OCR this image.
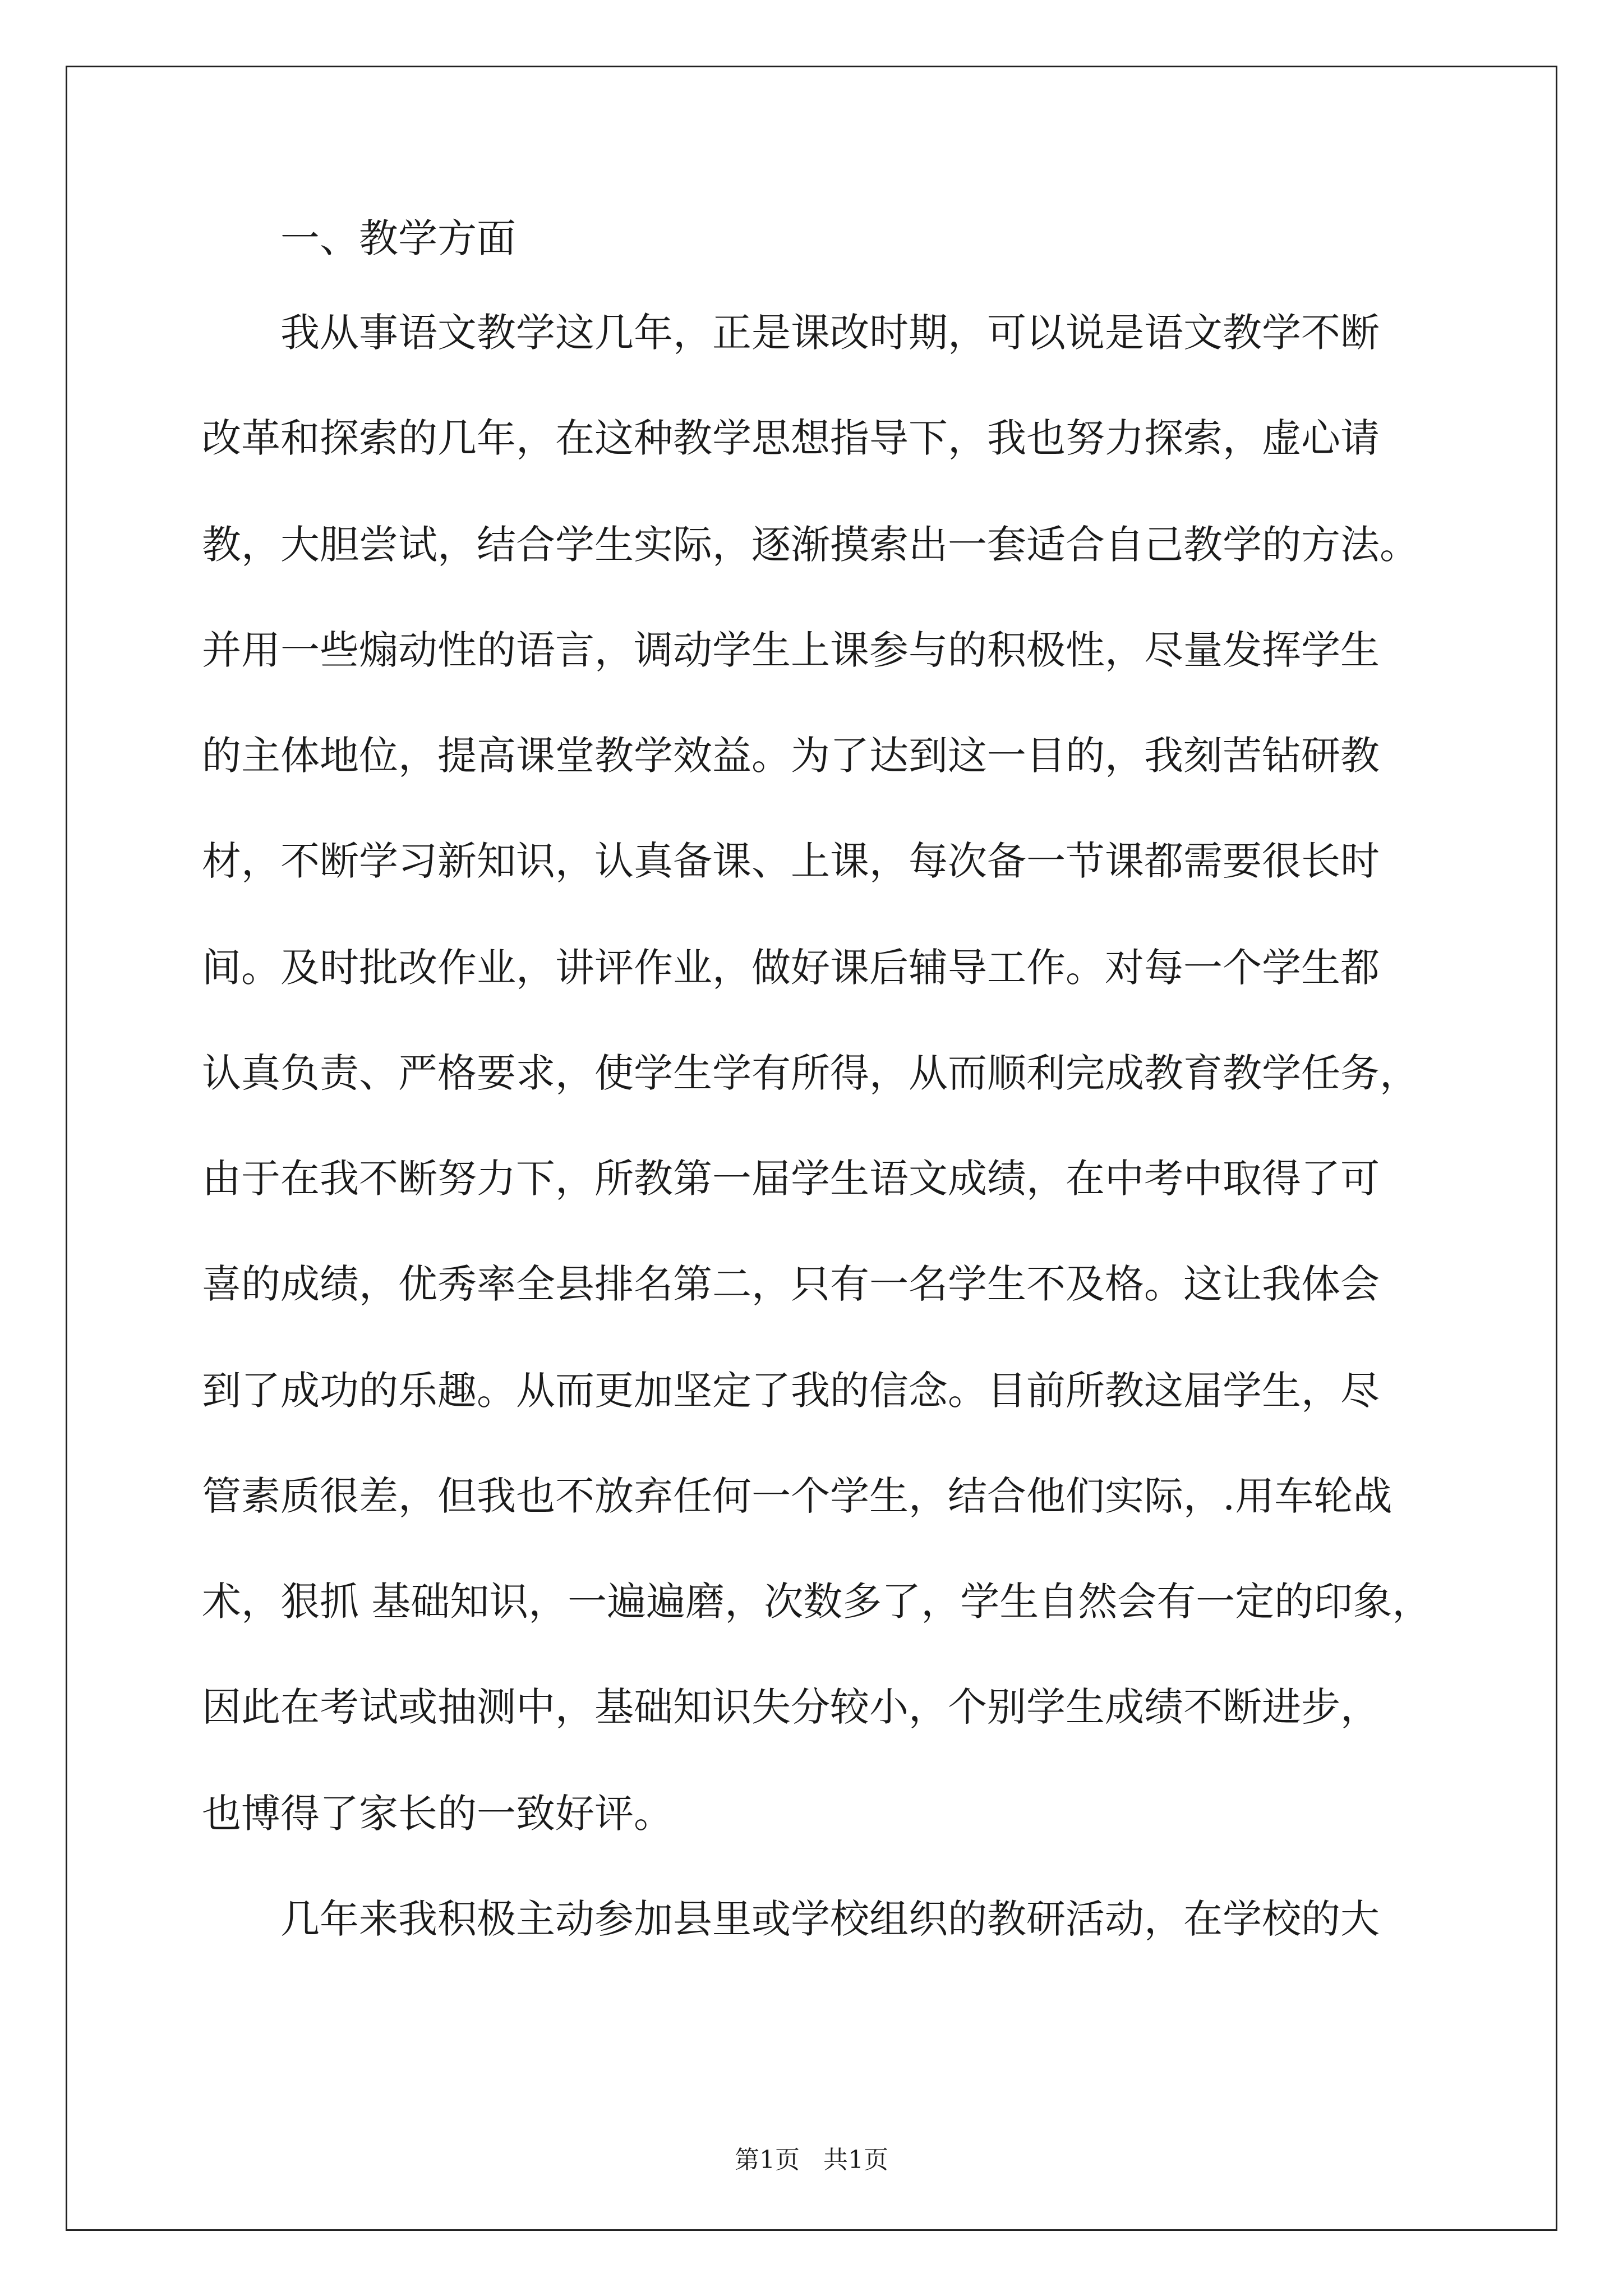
一、教学方面

我从事语文教学这几年，正是课改时期，可以说是语文教学不断

改革和探索的几年，在这种教学思想指导下，我也努力探索，虚心请

教，大胆尝试，结合学生实际，逐渐摸索出一套适合自己教学的方法。

并用一些煽动性的语言，调动学生上课参与的积极性，尽量发挥学生

的主体地位，提高课堂教学效益。为了达到这一目的，我刻苦钻研教

材，不断学习新知识，认真备课、上课，每次备一节课都需要很长时

间。及时批改作业，讲评作业，做好课后辅导工作。对每一个学生都

认真负责、严格要求，使学生学有所得，从而顺利完成教育教学任务，

由于在我不断努力下，所教第一届学生语文成绩，在中考中取得了可

喜的成绩，优秀率全县排名第二，只有一名学生不及格。这让我体会

到了成功的乐趣。从而更加坚定了我的信念。目前所教这届学生，尽

管素质很差，但我也不放弃任何一个学生，结合他们实际，.用车轮战

术，狠抓 基础知识，一遍遍磨，次数多了，学生自然会有一定的印象，

因此在考试或抽测中，基础知识失分较小，个别学生成绩不断进步，

也博得了家长的一致好评。

几年来我积极主动参加县里或学校组织的教研活动，在学校的大

第1页   共1页
